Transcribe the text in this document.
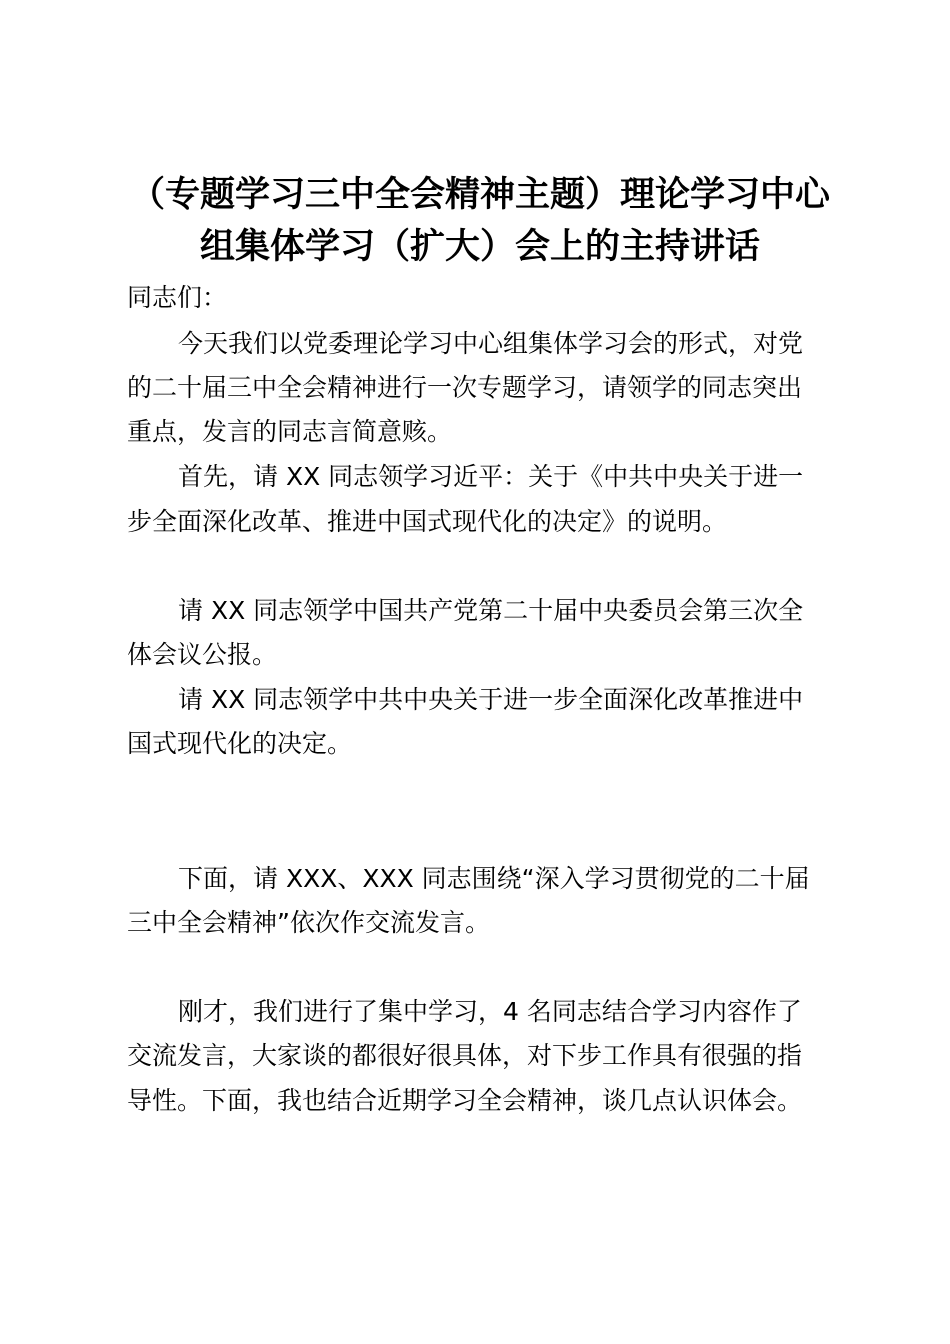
（专题学习三中全会精神主题）理论学习中心
组集体学习（扩大）会上的主持讲话
同志们：
今天我们以党委理论学习中心组集体学习会的形式，对党
的二十届三中全会精神进行一次专题学习，请领学的同志突出
重点，发言的同志言简意赅。
首先，请 XX 同志领学习近平：关于《中共中央关于进一
步全面深化改革、推进中国式现代化的决定》的说明。
请 XX 同志领学中国共产党第二十届中央委员会第三次全
体会议公报。
请 XX 同志领学中共中央关于进一步全面深化改革推进中
国式现代化的决定。
下面，请 XXX、XXX 同志围绕“深入学习贯彻党的二十届
三中全会精神”依次作交流发言。
刚才，我们进行了集中学习，4 名同志结合学习内容作了
交流发言，大家谈的都很好很具体，对下步工作具有很强的指
导性。下面，我也结合近期学习全会精神，谈几点认识体会。
